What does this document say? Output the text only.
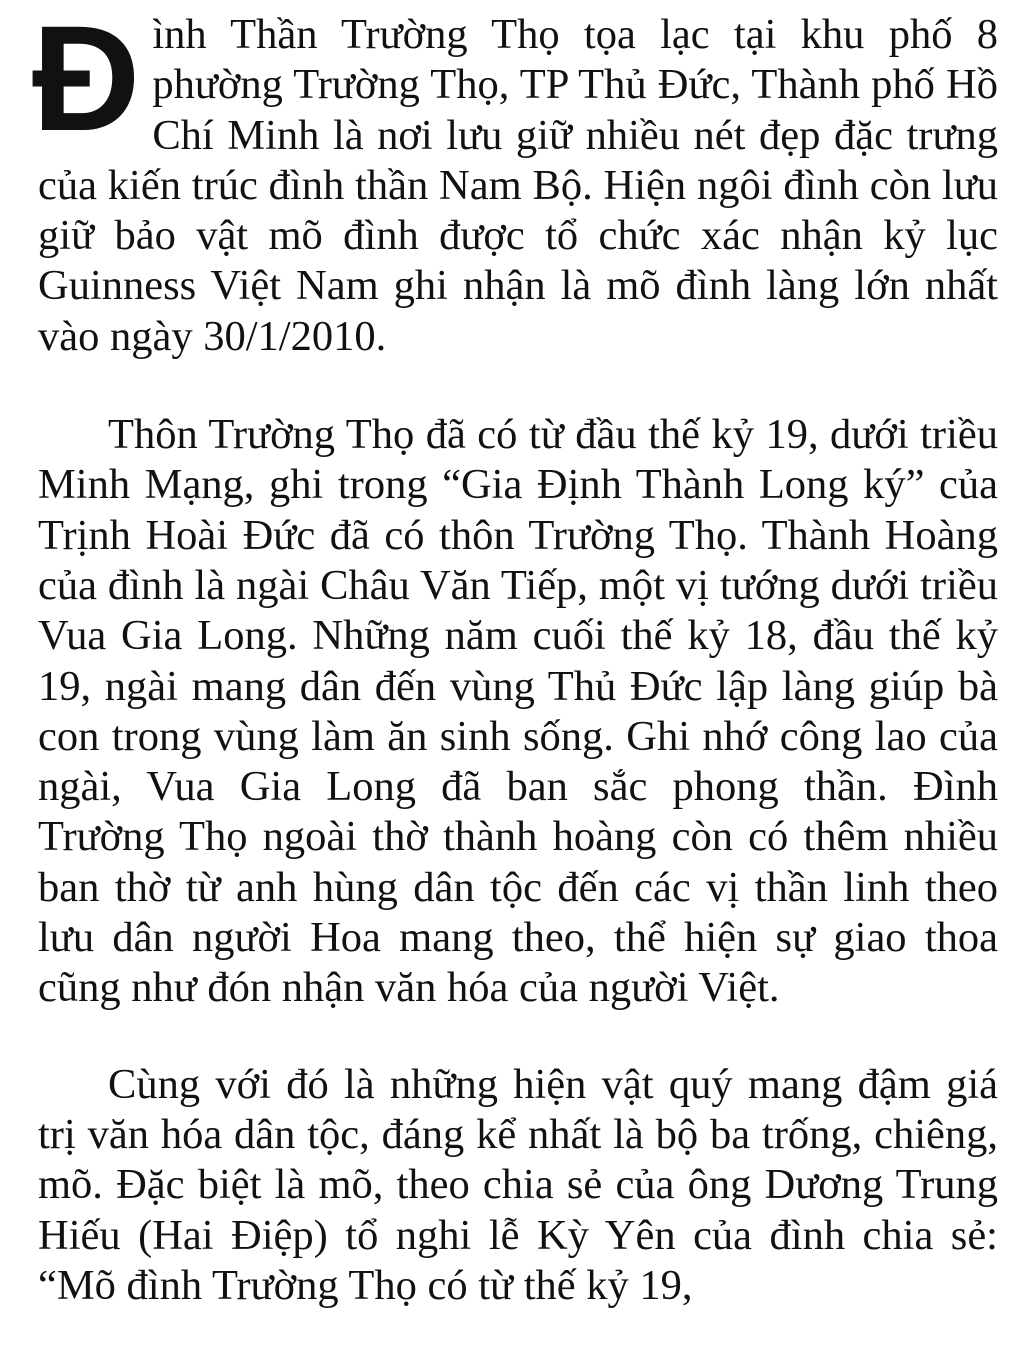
Đình Thần Trường Thọ tọa lạc tại khu phố 8 phường Trường Thọ, TP Thủ Đức, Thành phố Hồ Chí Minh là nơi lưu giữ nhiều nét đẹp đặc trưng của kiến trúc đình thần Nam Bộ. Hiện ngôi đình còn lưu giữ bảo vật mõ đình được tổ chức xác nhận kỷ lục Guinness Việt Nam ghi nhận là mõ đình làng lớn nhất vào ngày 30/1/2010.

Thôn Trường Thọ đã có từ đầu thế kỷ 19, dưới triều Minh Mạng, ghi trong “Gia Định Thành Long ký” của Trịnh Hoài Đức đã có thôn Trường Thọ. Thành Hoàng của đình là ngài Châu Văn Tiếp, một vị tướng dưới triều Vua Gia Long. Những năm cuối thế kỷ 18, đầu thế kỷ 19, ngài mang dân đến vùng Thủ Đức lập làng giúp bà con trong vùng làm ăn sinh sống. Ghi nhớ công lao của ngài, Vua Gia Long đã ban sắc phong thần. Đình Trường Thọ ngoài thờ thành hoàng còn có thêm nhiều ban thờ từ anh hùng dân tộc đến các vị thần linh theo lưu dân người Hoa mang theo, thể hiện sự giao thoa cũng như đón nhận văn hóa của người Việt.

Cùng với đó là những hiện vật quý mang đậm giá trị văn hóa dân tộc, đáng kể nhất là bộ ba trống, chiêng, mõ. Đặc biệt là mõ, theo chia sẻ của ông Dương Trung Hiếu (Hai Điệp) tổ nghi lễ Kỳ Yên của đình chia sẻ: “Mõ đình Trường Thọ có từ thế kỷ 19,
